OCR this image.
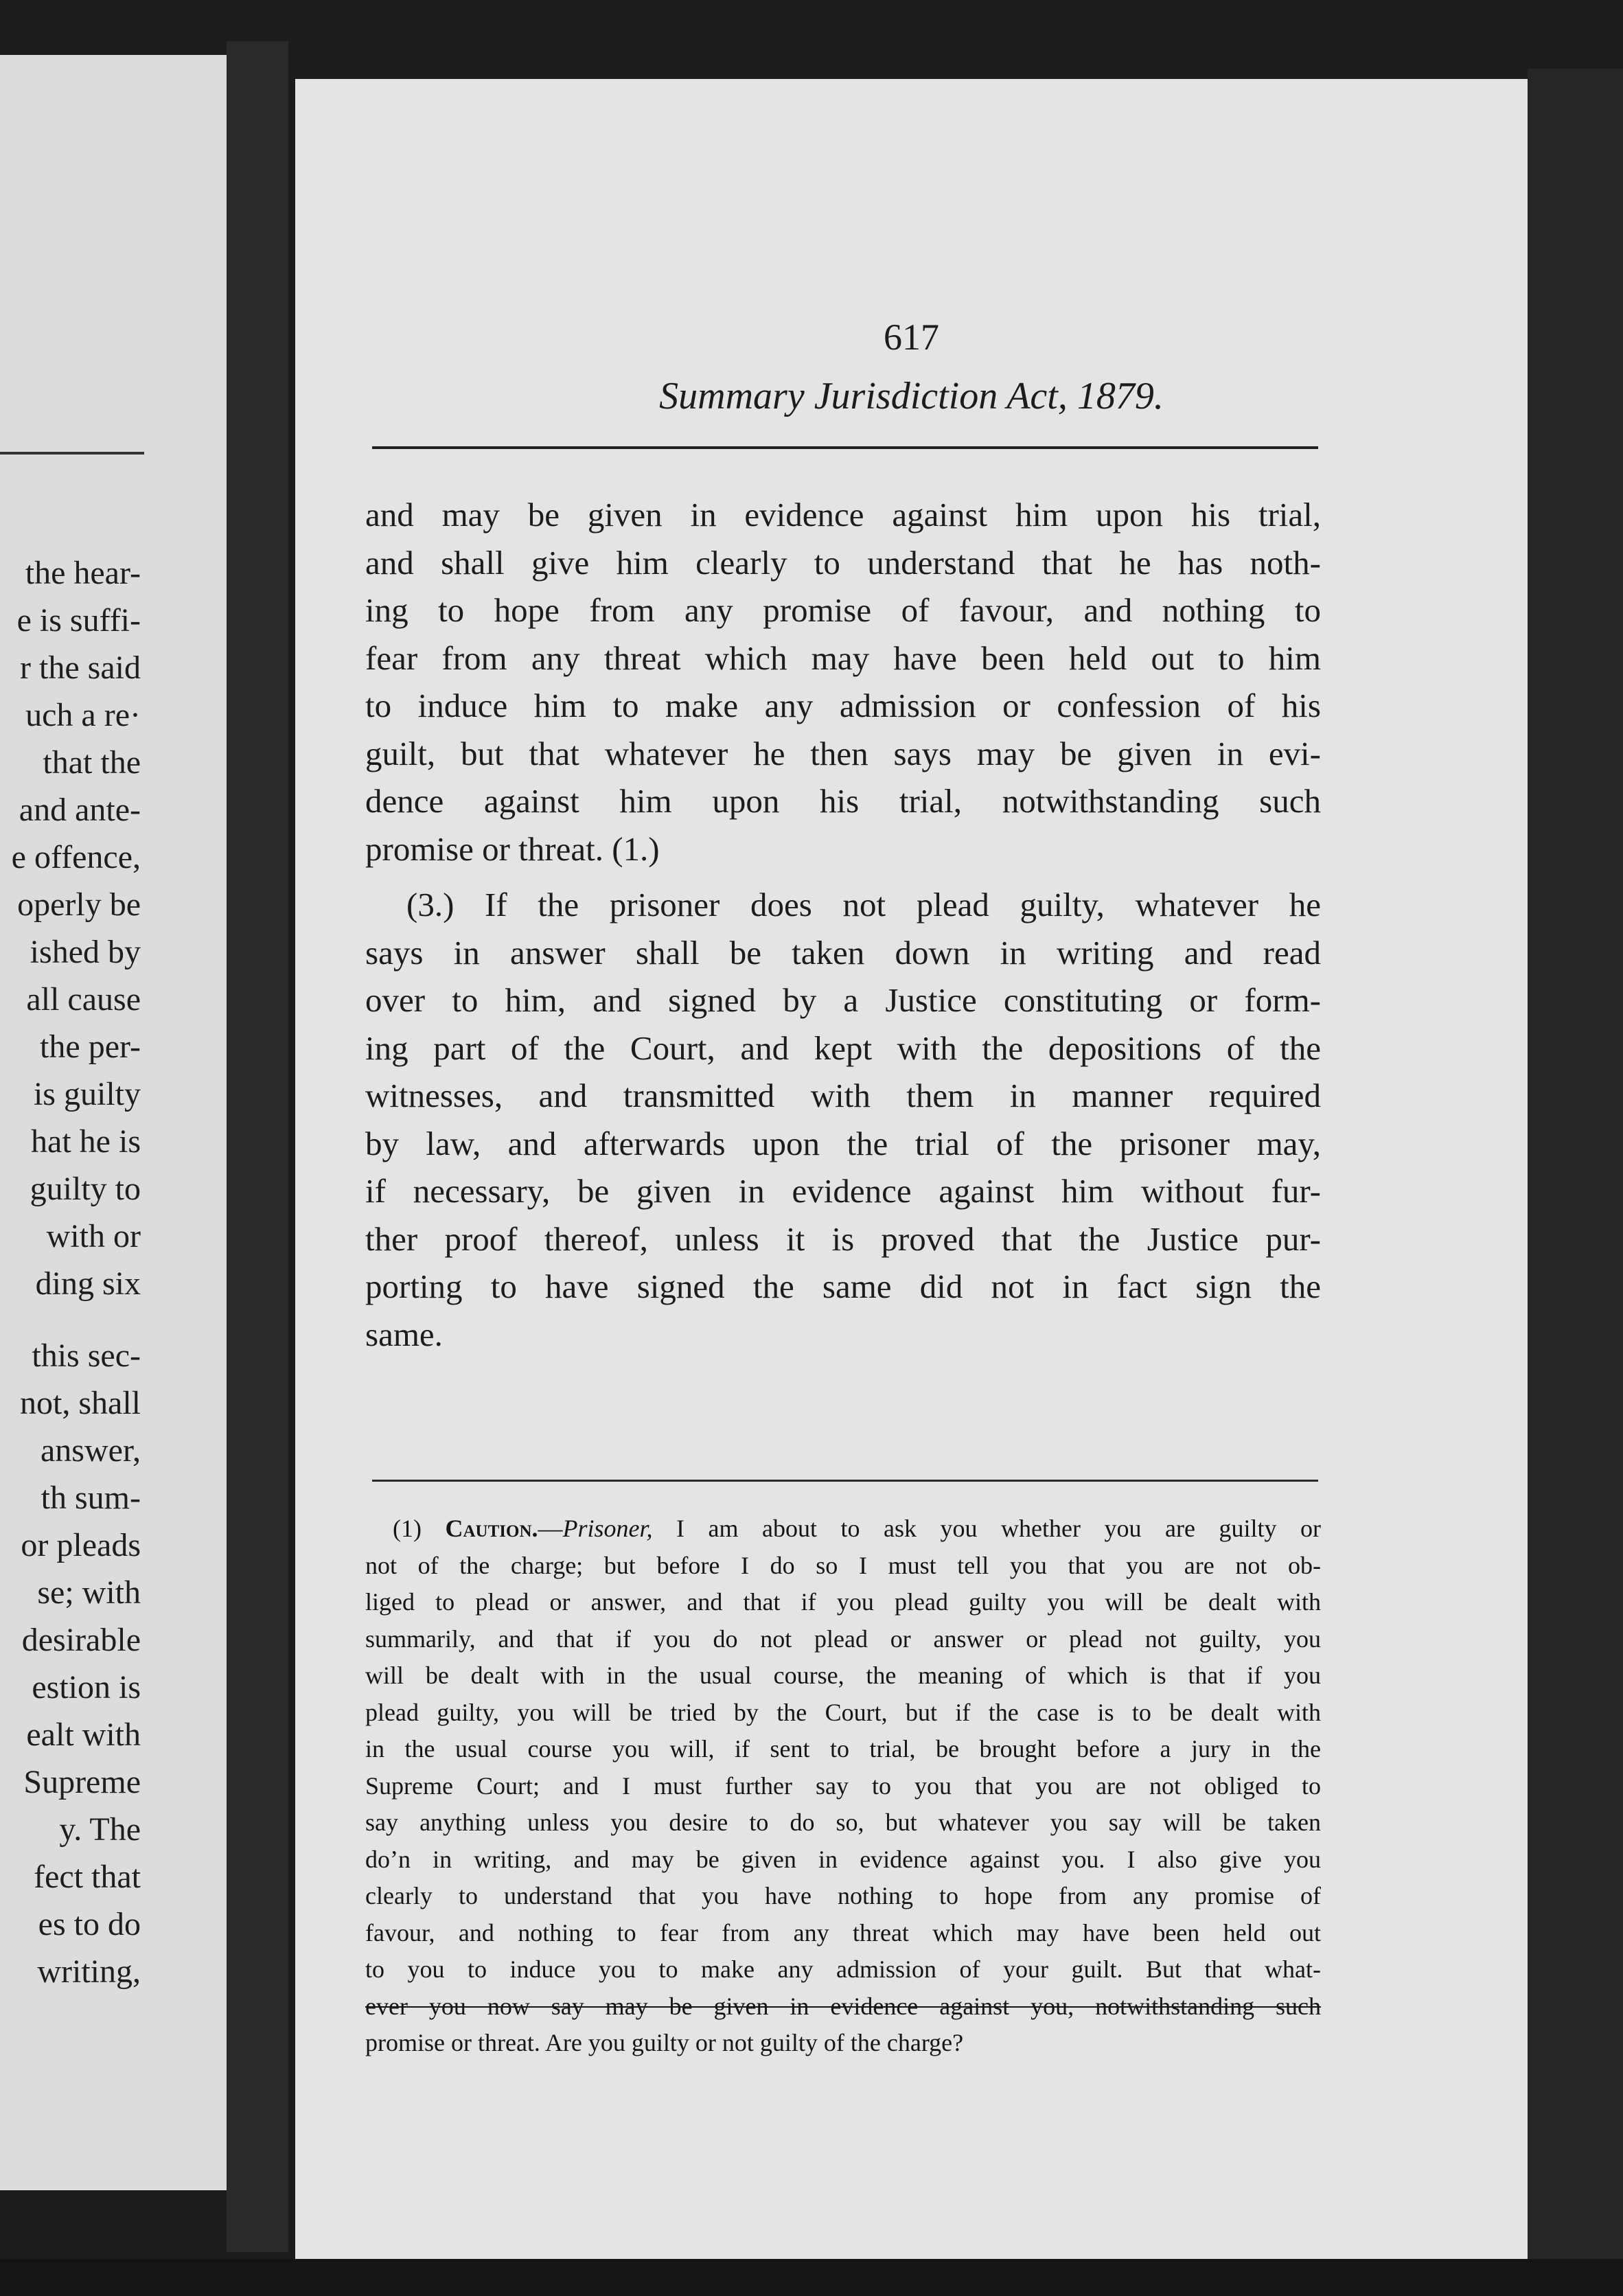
the hear-
e is suffi-
r the said
uch a re·
that the
and ante-
e offence,
operly be
ished by
all cause
the per-
is guilty
hat he is
guilty to
with or
ding six
this sec-
not, shall
answer,
th sum-
or pleads
se; with
desirable
estion is
ealt with
Supreme
y. The
fect that
es to do
writing,
617
Summary Jurisdiction Act, 1879.
and may be given in evidence against him upon his trial,
and shall give him clearly to understand that he has noth-
ing to hope from any promise of favour, and nothing to
fear from any threat which may have been held out to him
to induce him to make any admission or confession of his
guilt, but that whatever he then says may be given in evi-
dence against him upon his trial, notwithstanding such
promise or threat. (1.)
(3.) If the prisoner does not plead guilty, whatever he
says in answer shall be taken down in writing and read
over to him, and signed by a Justice constituting or form-
ing part of the Court, and kept with the depositions of the
witnesses, and transmitted with them in manner required
by law, and afterwards upon the trial of the prisoner may,
if necessary, be given in evidence against him without fur-
ther proof thereof, unless it is proved that the Justice pur-
porting to have signed the same did not in fact sign the
same.
(1) Caution.—Prisoner, I am about to ask you whether you are guilty or
not of the charge; but before I do so I must tell you that you are not ob-
liged to plead or answer, and that if you plead guilty you will be dealt with
summarily, and that if you do not plead or answer or plead not guilty, you
will be dealt with in the usual course, the meaning of which is that if you
plead guilty, you will be tried by the Court, but if the case is to be dealt with
in the usual course you will, if sent to trial, be brought before a jury in the
Supreme Court; and I must further say to you that you are not obliged to
say anything unless you desire to do so, but whatever you say will be taken
doʼn in writing, and may be given in evidence against you. I also give you
clearly to understand that you have nothing to hope from any promise of
favour, and nothing to fear from any threat which may have been held out
to you to induce you to make any admission of your guilt. But that what-
ever you now say may be given in evidence against you, notwithstanding such
promise or threat. Are you guilty or not guilty of the charge?
